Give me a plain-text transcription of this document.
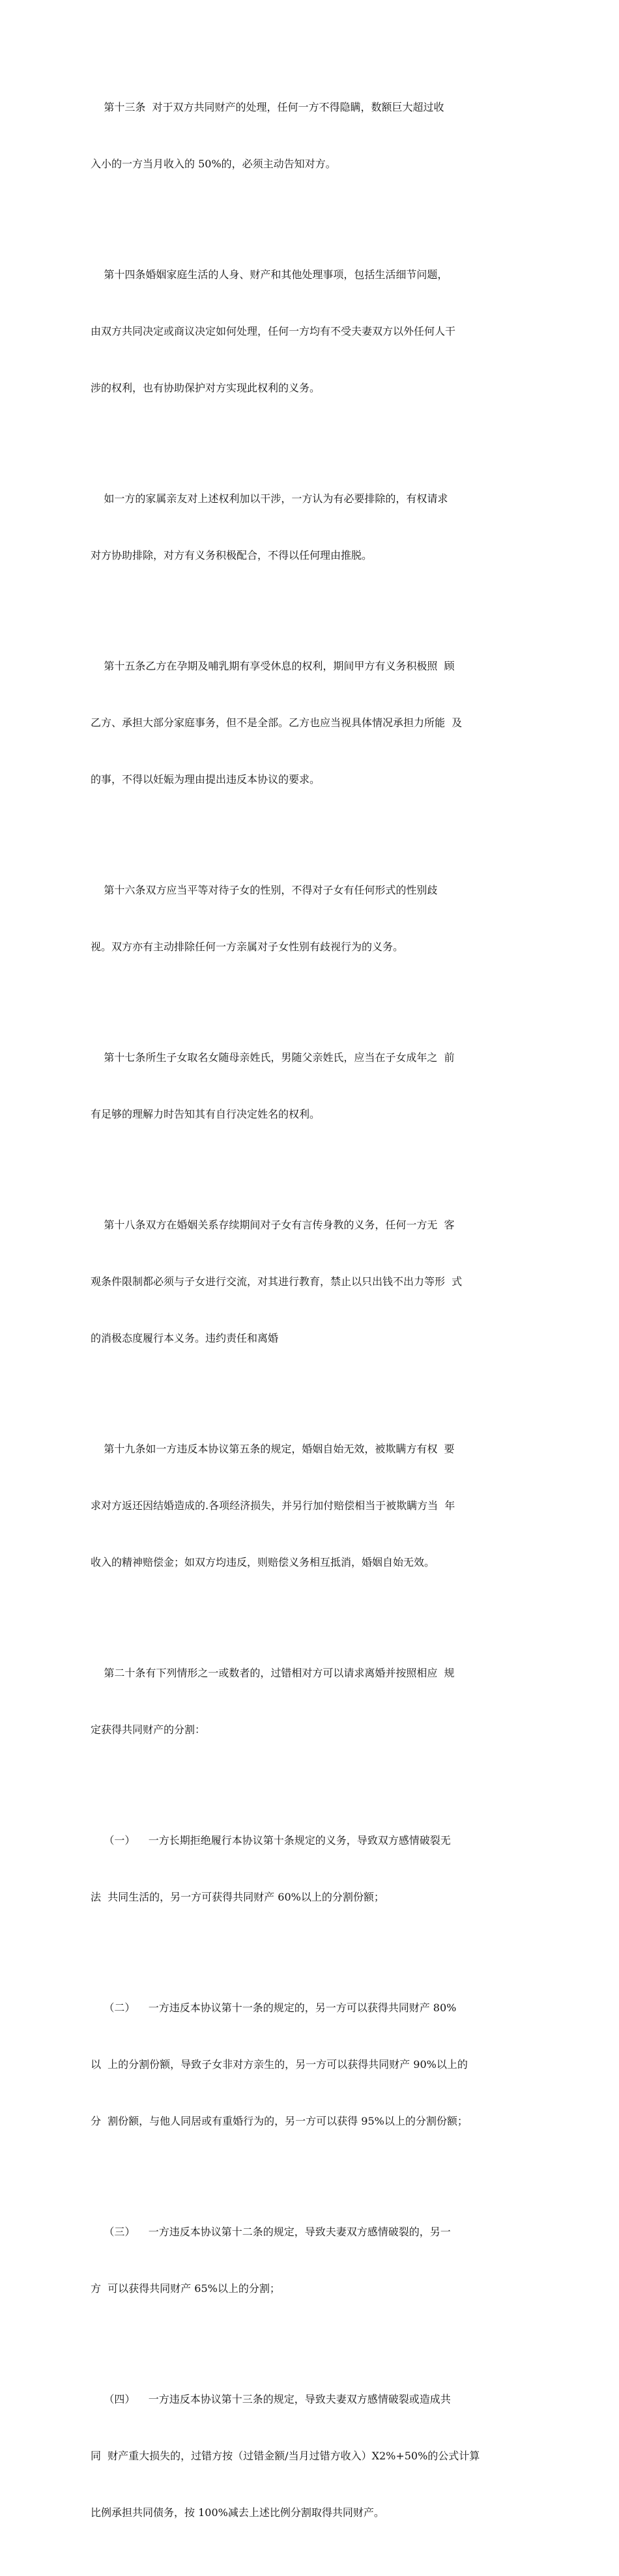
第十三条  对于双方共同财产的处理，任何一方不得隐瞒，数额巨大超过收

入小的一方当月收入的 50%的，必须主动告知对方。

第十四条婚姻家庭生活的人身、财产和其他处理事项，包括生活细节问题，

由双方共同决定或商议决定如何处理，任何一方均有不受夫妻双方以外任何人干

涉的权利，也有协助保护对方实现此权利的义务。

如一方的家属亲友对上述权利加以干涉，一方认为有必要排除的，有权请求

对方协助排除，对方有义务积极配合，不得以任何理由推脱。

第十五条乙方在孕期及哺乳期有享受休息的权利，期间甲方有义务积极照  顾

乙方、承担大部分家庭事务，但不是全部。乙方也应当视具体情况承担力所能  及

的事，不得以妊娠为理由提出违反本协议的要求。

第十六条双方应当平等对待子女的性别，不得对子女有任何形式的性别歧

视。双方亦有主动排除任何一方亲属对子女性别有歧视行为的义务。

第十七条所生子女取名女随母亲姓氏，男随父亲姓氏，应当在子女成年之  前

有足够的理解力时告知其有自行决定姓名的权利。

第十八条双方在婚姻关系存续期间对子女有言传身教的义务，任何一方无  客

观条件限制都必须与子女进行交流，对其进行教育，禁止以只出钱不出力等形  式

的消极态度履行本义务。违约责任和离婚

第十九条如一方违反本协议第五条的规定，婚姻自始无效，被欺瞒方有权  要

求对方返还因结婚造成的.各项经济损失，并另行加付赔偿相当于被欺瞒方当  年

收入的精神赔偿金；如双方均违反，则赔偿义务相互抵消，婚姻自始无效。

第二十条有下列情形之一或数者的，过错相对方可以请求离婚并按照相应  规

定获得共同财产的分割：

（一）    一方长期拒绝履行本协议第十条规定的义务，导致双方感情破裂无

法  共同生活的，另一方可获得共同财产 60%以上的分割份额；

（二）    一方违反本协议第十一条的规定的，另一方可以获得共同财产 80%

以  上的分割份额，导致子女非对方亲生的，另一方可以获得共同财产 90%以上的

分  割份额，与他人同居或有重婚行为的，另一方可以获得 95%以上的分割份额；

（三）    一方违反本协议第十二条的规定，导致夫妻双方感情破裂的，另一

方  可以获得共同财产 65%以上的分割；

（四）    一方违反本协议第十三条的规定，导致夫妻双方感情破裂或造成共

同  财产重大损失的，过错方按（过错金额/当月过错方收入）X2%+50%的公式计算

比例承担共同债务，按 100%减去上述比例分割取得共同财产。
